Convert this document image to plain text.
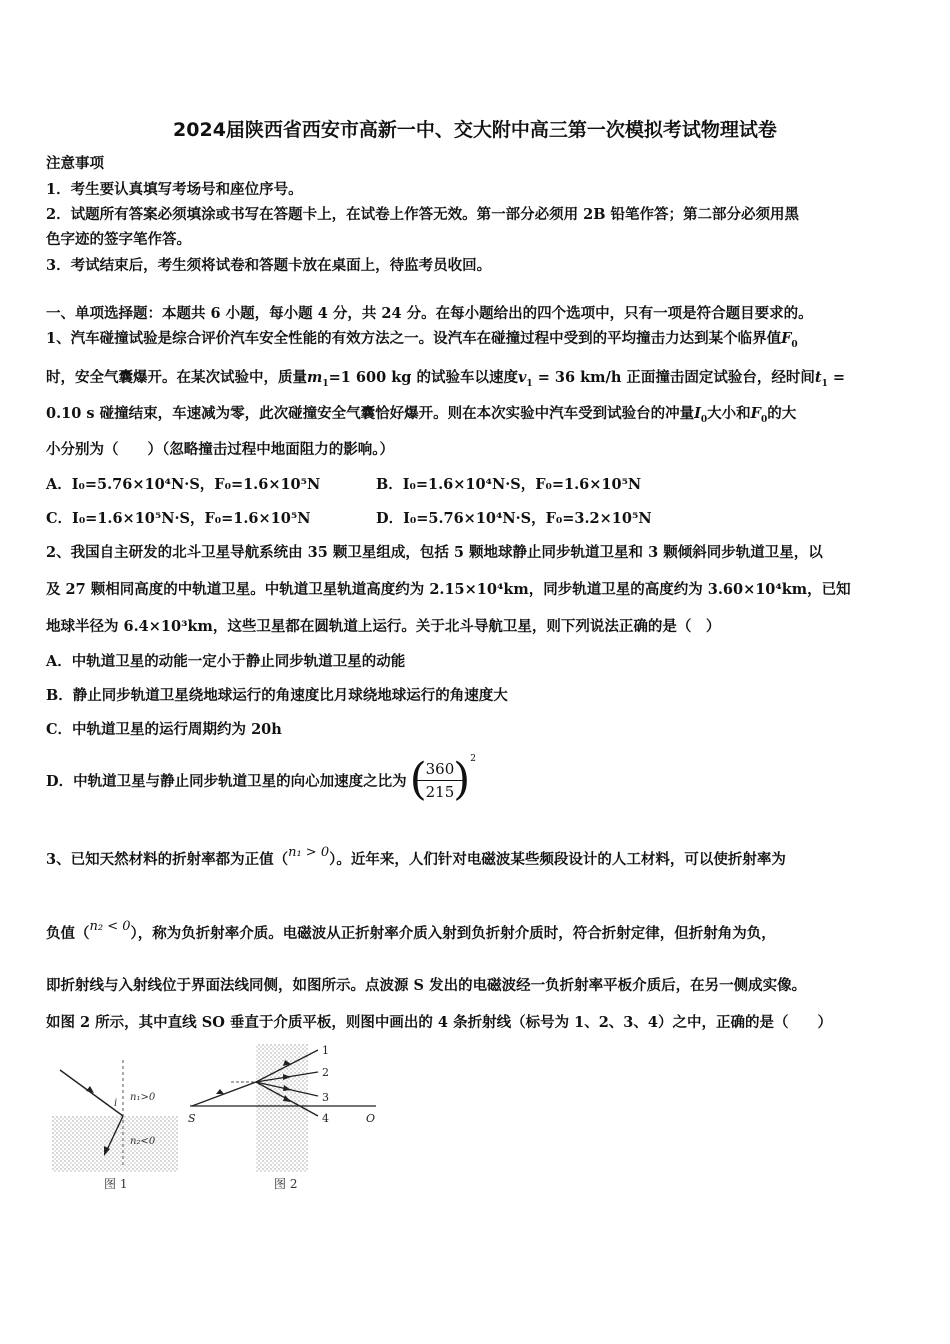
2024届陕西省西安市高新一中、交大附中高三第一次模拟考试物理试卷
注意事项
1．考生要认真填写考场号和座位序号。
2．试题所有答案必须填涂或书写在答题卡上，在试卷上作答无效。第一部分必须用 2B 铅笔作答；第二部分必须用黑
色字迹的签字笔作答。
3．考试结束后，考生须将试卷和答题卡放在桌面上，待监考员收回。
一、单项选择题：本题共 6 小题，每小题 4 分，共 24 分。在每小题给出的四个选项中，只有一项是符合题目要求的。
1、汽车碰撞试验是综合评价汽车安全性能的有效方法之一。设汽车在碰撞过程中受到的平均撞击力达到某个临界值$F_0$
时，安全气囊爆开。在某次试验中，质量$m_1=1$ 600 kg 的试验车以速度$v_1 = 36$ km/h 正面撞击固定试验台，经时间$t_1$ =
0.10 s 碰撞结束，车速减为零，此次碰撞安全气囊恰好爆开。则在本次实验中汽车受到试验台的冲量$I_0$大小和$F_0$的大
小分别为（　　）（忽略撞击过程中地面阻力的影响。）
A．I₀=5.76×10⁴N·S，F₀=1.6×10⁵N	B．I₀=1.6×10⁴N·S，F₀=1.6×10⁵N
C．I₀=1.6×10⁵N·S，F₀=1.6×10⁵N	D．I₀=5.76×10⁴N·S，F₀=3.2×10⁵N
2、我国自主研发的北斗卫星导航系统由 35 颗卫星组成，包括 5 颗地球静止同步轨道卫星和 3 颗倾斜同步轨道卫星，以
及 27 颗相同高度的中轨道卫星。中轨道卫星轨道高度约为 2.15×10⁴km，同步轨道卫星的高度约为 3.60×10⁴km，已知
地球半径为 6.4×10³km，这些卫星都在圆轨道上运行。关于北斗导航卫星，则下列说法正确的是（　）
A．中轨道卫星的动能一定小于静止同步轨道卫星的动能
B．静止同步轨道卫星绕地球运行的角速度比月球绕地球运行的角速度大
C．中轨道卫星的运行周期约为 20h
D．中轨道卫星与静止同步轨道卫星的向心加速度之比为 (
360
215
) $^2$
3、已知天然材料的折射率都为正值（n₁ > 0）。近年来，人们针对电磁波某些频段设计的人工材料，可以使折射率为
负值（n₂ < 0），称为负折射率介质。电磁波从正折射率介质入射到负折射介质时，符合折射定律，但折射角为负，
即折射线与入射线位于界面法线同侧，如图所示。点波源 S 发出的电磁波经一负折射率平板介质后，在另一侧成实像。
如图 2 所示，其中直线 SO 垂直于介质平板，则图中画出的 4 条折射线（标号为 1、2、3、4）之中，正确的是（　　）
i
n₁>0
n₂<0
图 1
1
2
3
4
S	O
图 2
